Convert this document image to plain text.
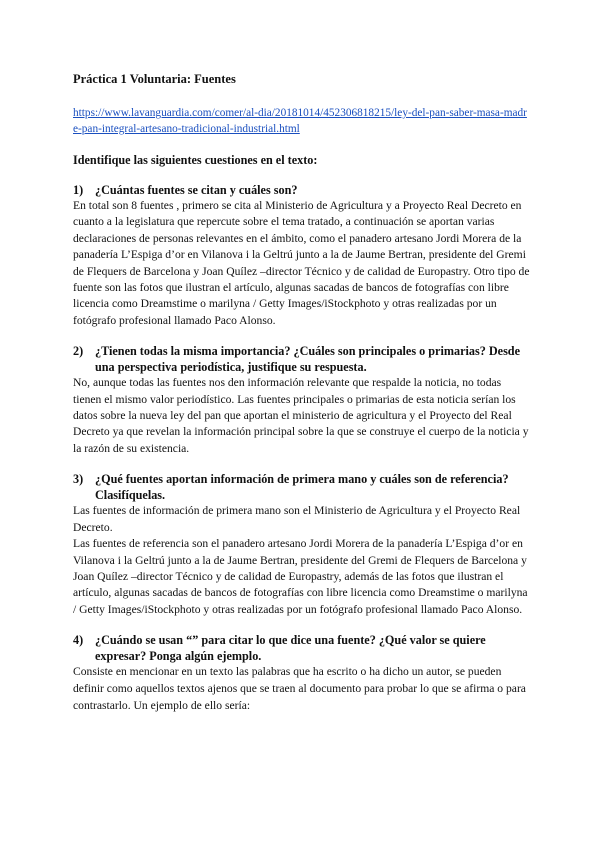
Práctica 1 Voluntaria: Fuentes
https://www.lavanguardia.com/comer/al-dia/20181014/452306818215/ley-del-pan-saber-masa-madre-pan-integral-artesano-tradicional-industrial.html
Identifique las siguientes cuestiones en el texto:
1) ¿Cuántas fuentes se citan y cuáles son?

En total son 8 fuentes , primero se cita al Ministerio de Agricultura y a Proyecto Real Decreto en cuanto a la legislatura que repercute sobre el tema tratado, a continuación se aportan varias declaraciones de personas relevantes en el ámbito, como el panadero artesano Jordi Morera de la panadería L’Espiga d’or en Vilanova i la Geltrú junto a la de Jaume Bertran, presidente del Gremi de Flequers de Barcelona y Joan Quílez –director Técnico y de calidad de Europastry. Otro tipo de fuente son las fotos que ilustran el artículo, algunas sacadas de bancos de fotografías con libre licencia como Dreamstime o marilyna / Getty Images/iStockphoto y otras realizadas por un fotógrafo profesional llamado Paco Alonso.

2) ¿Tienen todas la misma importancia? ¿Cuáles son principales o primarias? Desde una perspectiva periodística, justifique su respuesta.

No, aunque todas las fuentes nos den información relevante que respalde la noticia, no todas tienen el mismo valor periodístico. Las fuentes principales o primarias de esta noticia serían los datos sobre la nueva ley del pan que aportan el ministerio de agricultura y el Proyecto del Real Decreto ya que revelan la información principal sobre la que se construye el cuerpo de la noticia y la razón de su existencia.

3) ¿Qué fuentes aportan información de primera mano y cuáles son de referencia? Clasifíquelas.

Las fuentes de información de primera mano son el Ministerio de Agricultura y el Proyecto Real Decreto.

Las fuentes de referencia son el panadero artesano Jordi Morera de la panadería L’Espiga d’or en Vilanova i la Geltrú junto a la de Jaume Bertran, presidente del Gremi de Flequers de Barcelona y Joan Quílez –director Técnico y de calidad de Europastry, además de las fotos que ilustran el artículo, algunas sacadas de bancos de fotografías con libre licencia como Dreamstime o marilyna / Getty Images/iStockphoto y otras realizadas por un fotógrafo profesional llamado Paco Alonso.

4) ¿Cuándo se usan “” para citar lo que dice una fuente? ¿Qué valor se quiere expresar? Ponga algún ejemplo.

Consiste en mencionar en un texto las palabras que ha escrito o ha dicho un autor, se pueden definir como aquellos textos ajenos que se traen al documento para probar lo que se afirma o para contrastarlo. Un ejemplo de ello sería:
